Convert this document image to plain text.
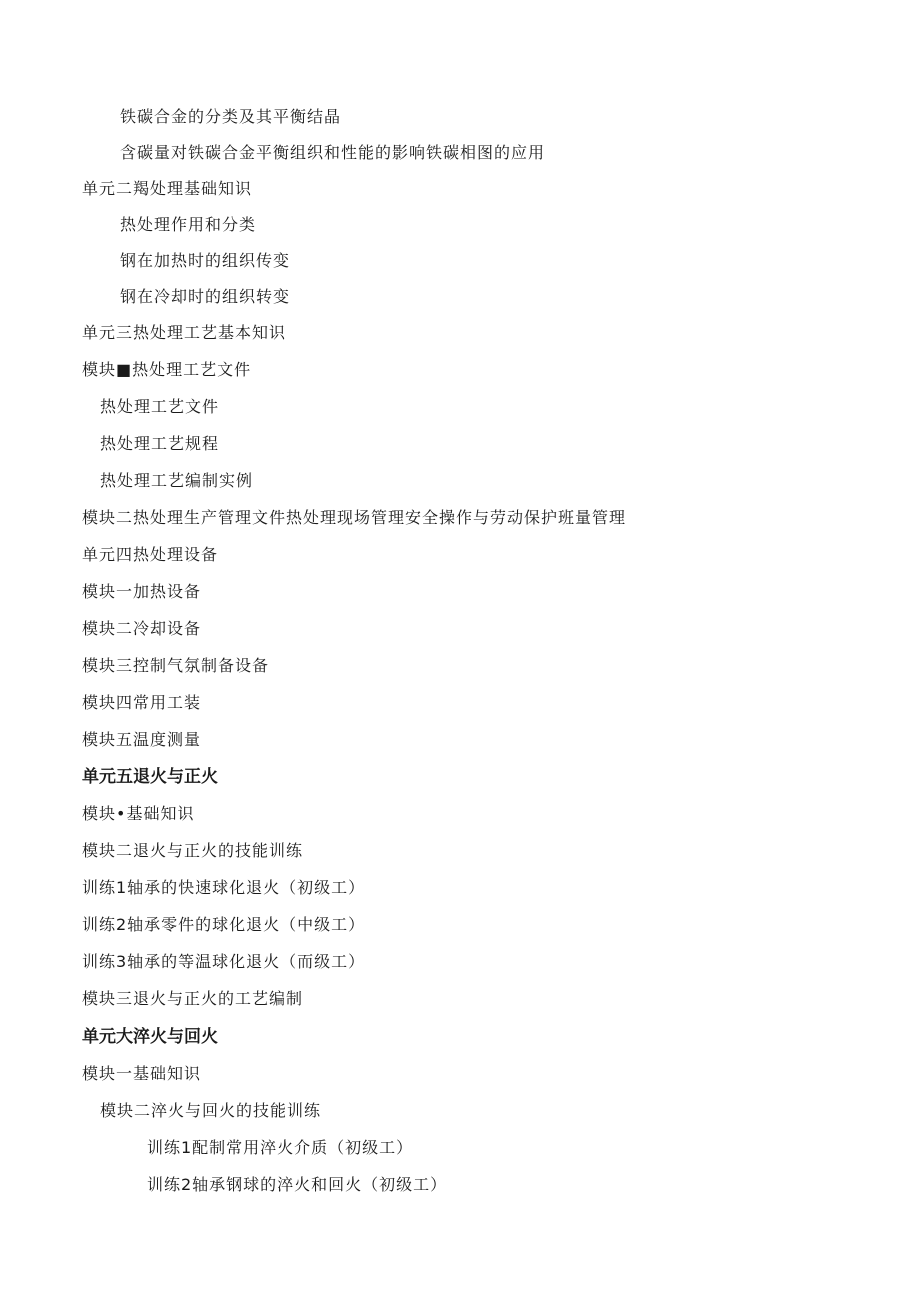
铁碳合金的分类及其平衡结晶
含碳量对铁碳合金平衡组织和性能的影响铁碳相图的应用
单元二羯处理基础知识
热处理作用和分类
钢在加热时的组织传变
钢在冷却时的组织转变
单元三热处理工艺基本知识
模块■热处理工艺文件
热处理工艺文件
热处理工艺规程
热处理工艺编制实例
模块二热处理生产管理文件热处理现场管理安全操作与劳动保护班量管理
单元四热处理设备
模块一加热设备
模块二冷却设备
模块三控制气氛制备设备
模块四常用工装
模块五温度测量
单元五退火与正火
模块•基础知识
模块二退火与正火的技能训练
训练1轴承的快速球化退火（初级工）
训练2轴承零件的球化退火（中级工）
训练3轴承的等温球化退火（而级工）
模块三退火与正火的工艺编制
单元大淬火与回火
模块一基础知识
模块二淬火与回火的技能训练
训练1配制常用淬火介质（初级工）
训练2轴承钢球的淬火和回火（初级工）
